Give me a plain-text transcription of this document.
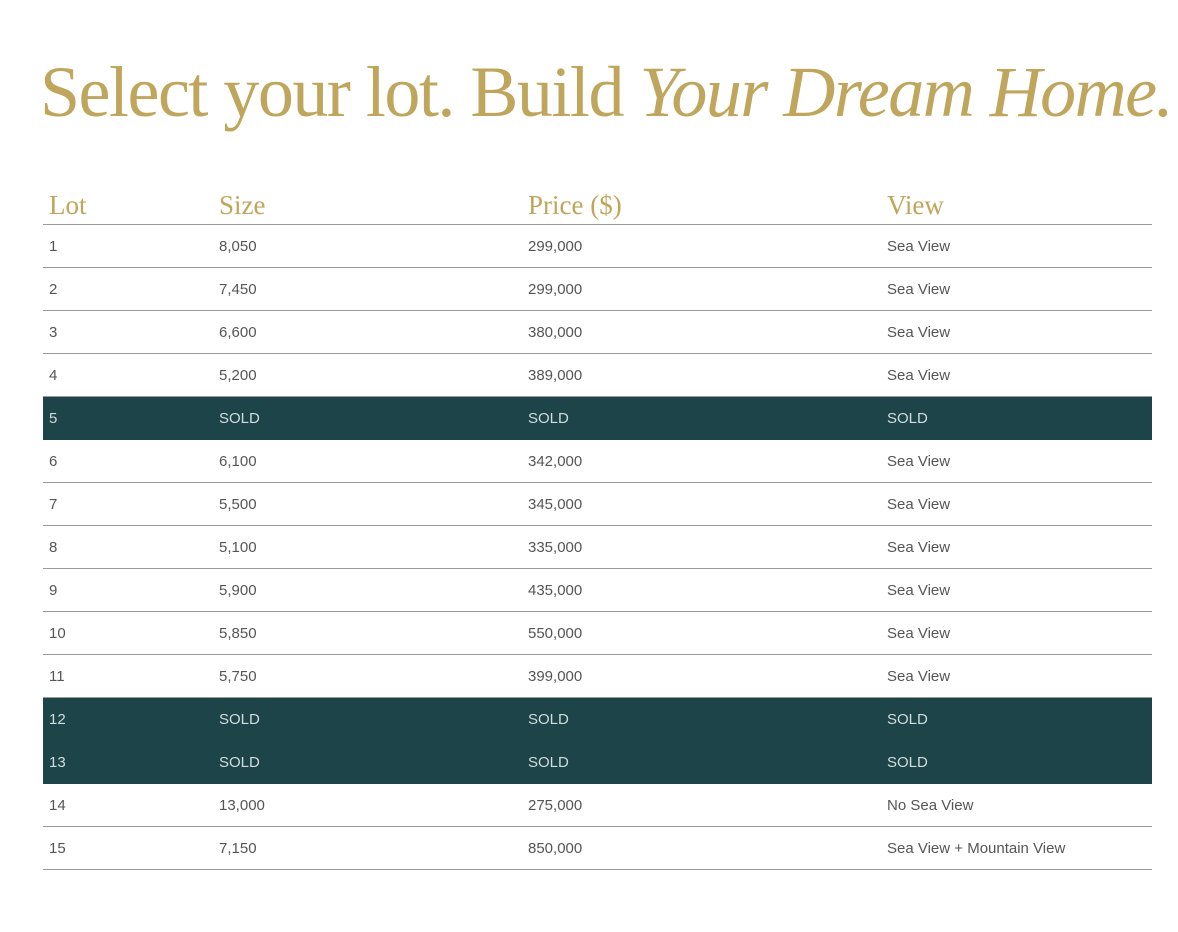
Select your lot. Build Your Dream Home.
Lot	Size	Price ($)	View
1	8,050	299,000	Sea View
2	7,450	299,000	Sea View
3	6,600	380,000	Sea View
4	5,200	389,000	Sea View
5	SOLD	SOLD	SOLD
6	6,100	342,000	Sea View
7	5,500	345,000	Sea View
8	5,100	335,000	Sea View
9	5,900	435,000	Sea View
10	5,850	550,000	Sea View
11	5,750	399,000	Sea View
12	SOLD	SOLD	SOLD
13	SOLD	SOLD	SOLD
14	13,000	275,000	No Sea View
15	7,150	850,000	Sea View + Mountain View
